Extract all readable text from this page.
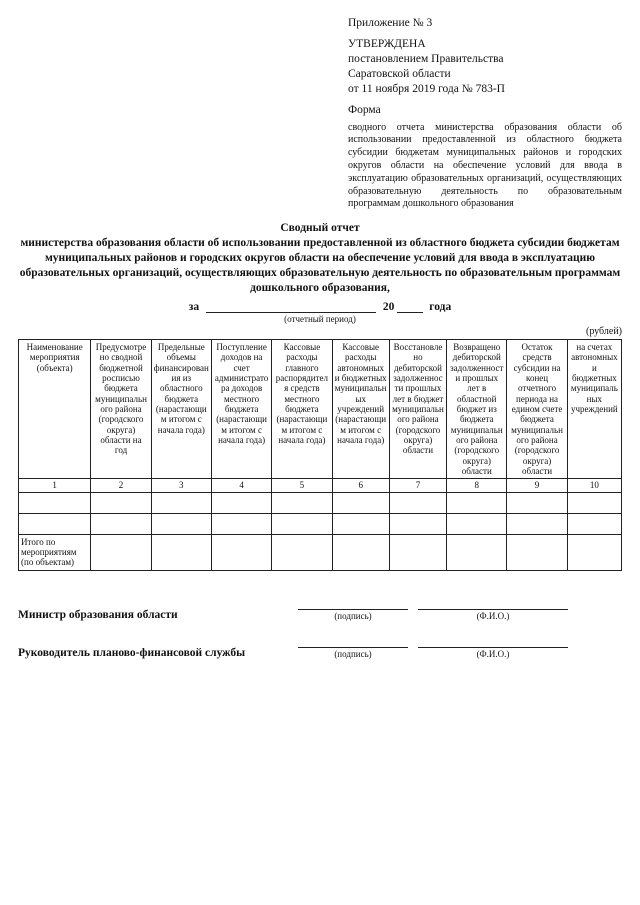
Приложение № 3
УТВЕРЖДЕНА
постановлением Правительства
Саратовской области
от 11 ноября 2019 года № 783-П
Форма
сводного отчета министерства образования области об использовании предоставленной из областного бюджета субсидии бюджетам муниципальных районов и городских округов области на обеспечение условий для ввода в эксплуатацию образовательных организаций, осуществляющих образовательную деятельность по образовательным программам дошкольного образования
Сводный отчет
министерства образования области об использовании предоставленной из областного бюджета субсидии бюджетам муниципальных районов и городских округов области на обеспечение условий для ввода в эксплуатацию образовательных организаций, осуществляющих образовательную деятельность по образовательным программам дошкольного образования,
за	20	года
(отчетный период)
(рублей)
Наименование мероприятия (объекта)	Предусмотрено сводной бюджетной росписью бюджета муниципального района (городского округа) области на год	Предельные объемы финансирования из областного бюджета (нарастающим итогом с начала года)	Поступление доходов на счет администратора доходов местного бюджета (нарастающим итогом с начала года)	Кассовые расходы главного распорядителя средств местного бюджета (нарастающим итогом с начала года)	Кассовые расходы автономных и бюджетных муниципальных учреждений (нарастающим итогом с начала года)	Восстановлено дебиторской задолженности прошлых лет в бюджет муниципального района (городского округа) области	Возвращено дебиторской задолженности прошлых лет в областной бюджет из бюджета муниципального района (городского округа) области	Остаток средств субсидии на конец отчетного периода на едином счете бюджета муниципального района (городского округа) области	на счетах автономных и бюджетных муниципальных учреждений
1	2	3	4	5	6	7	8	9	10

Итого по мероприятиям (по объектам)									
Министр образования области	(подпись)	(Ф.И.О.)
Руководитель планово-финансовой службы	(подпись)	(Ф.И.О.)
